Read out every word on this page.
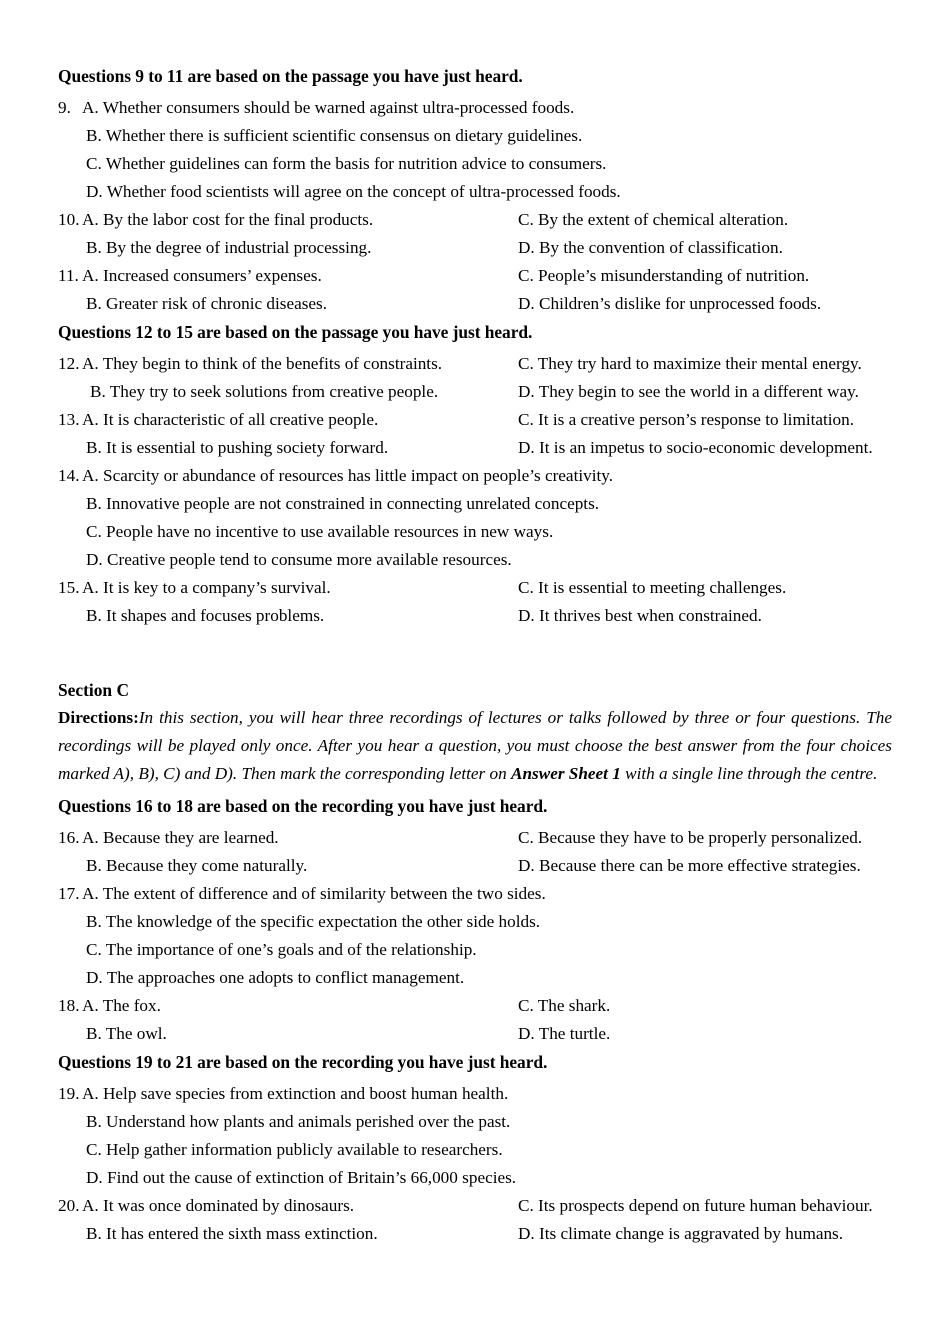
Questions 9 to 11 are based on the passage you have just heard.
9. A. Whether consumers should be warned against ultra-processed foods.
B. Whether there is sufficient scientific consensus on dietary guidelines.
C. Whether guidelines can form the basis for nutrition advice to consumers.
D. Whether food scientists will agree on the concept of ultra-processed foods.
10. A. By the labor cost for the final products.	C. By the extent of chemical alteration.
B. By the degree of industrial processing.	D. By the convention of classification.
11. A. Increased consumers’ expenses.	C. People’s misunderstanding of nutrition.
B. Greater risk of chronic diseases.	D. Children’s dislike for unprocessed foods.
Questions 12 to 15 are based on the passage you have just heard.
12. A. They begin to think of the benefits of constraints.	C. They try hard to maximize their mental energy.
B. They try to seek solutions from creative people.	D. They begin to see the world in a different way.
13. A. It is characteristic of all creative people.	C. It is a creative person’s response to limitation.
B. It is essential to pushing society forward.	D. It is an impetus to socio-economic development.
14. A. Scarcity or abundance of resources has little impact on people’s creativity.
B. Innovative people are not constrained in connecting unrelated concepts.
C. People have no incentive to use available resources in new ways.
D. Creative people tend to consume more available resources.
15. A. It is key to a company’s survival.	C. It is essential to meeting challenges.
B. It shapes and focuses problems.	D. It thrives best when constrained.
Section C

Directions:In this section, you will hear three recordings of lectures or talks followed by three or four questions. The recordings will be played only once. After you hear a question, you must choose the best answer from the four choices marked A), B), C) and D). Then mark the corresponding letter on Answer Sheet 1 with a single line through the centre.

Questions 16 to 18 are based on the recording you have just heard.
16. A. Because they are learned.	C. Because they have to be properly personalized.
B. Because they come naturally.	D. Because there can be more effective strategies.
17. A. The extent of difference and of similarity between the two sides.
B. The knowledge of the specific expectation the other side holds.
C. The importance of one’s goals and of the relationship.
D. The approaches one adopts to conflict management.
18. A. The fox.	C. The shark.
B. The owl.	D. The turtle.
Questions 19 to 21 are based on the recording you have just heard.
19. A. Help save species from extinction and boost human health.
B. Understand how plants and animals perished over the past.
C. Help gather information publicly available to researchers.
D. Find out the cause of extinction of Britain’s 66,000 species.
20. A. It was once dominated by dinosaurs.	C. Its prospects depend on future human behaviour.
B. It has entered the sixth mass extinction.	D. Its climate change is aggravated by humans.
